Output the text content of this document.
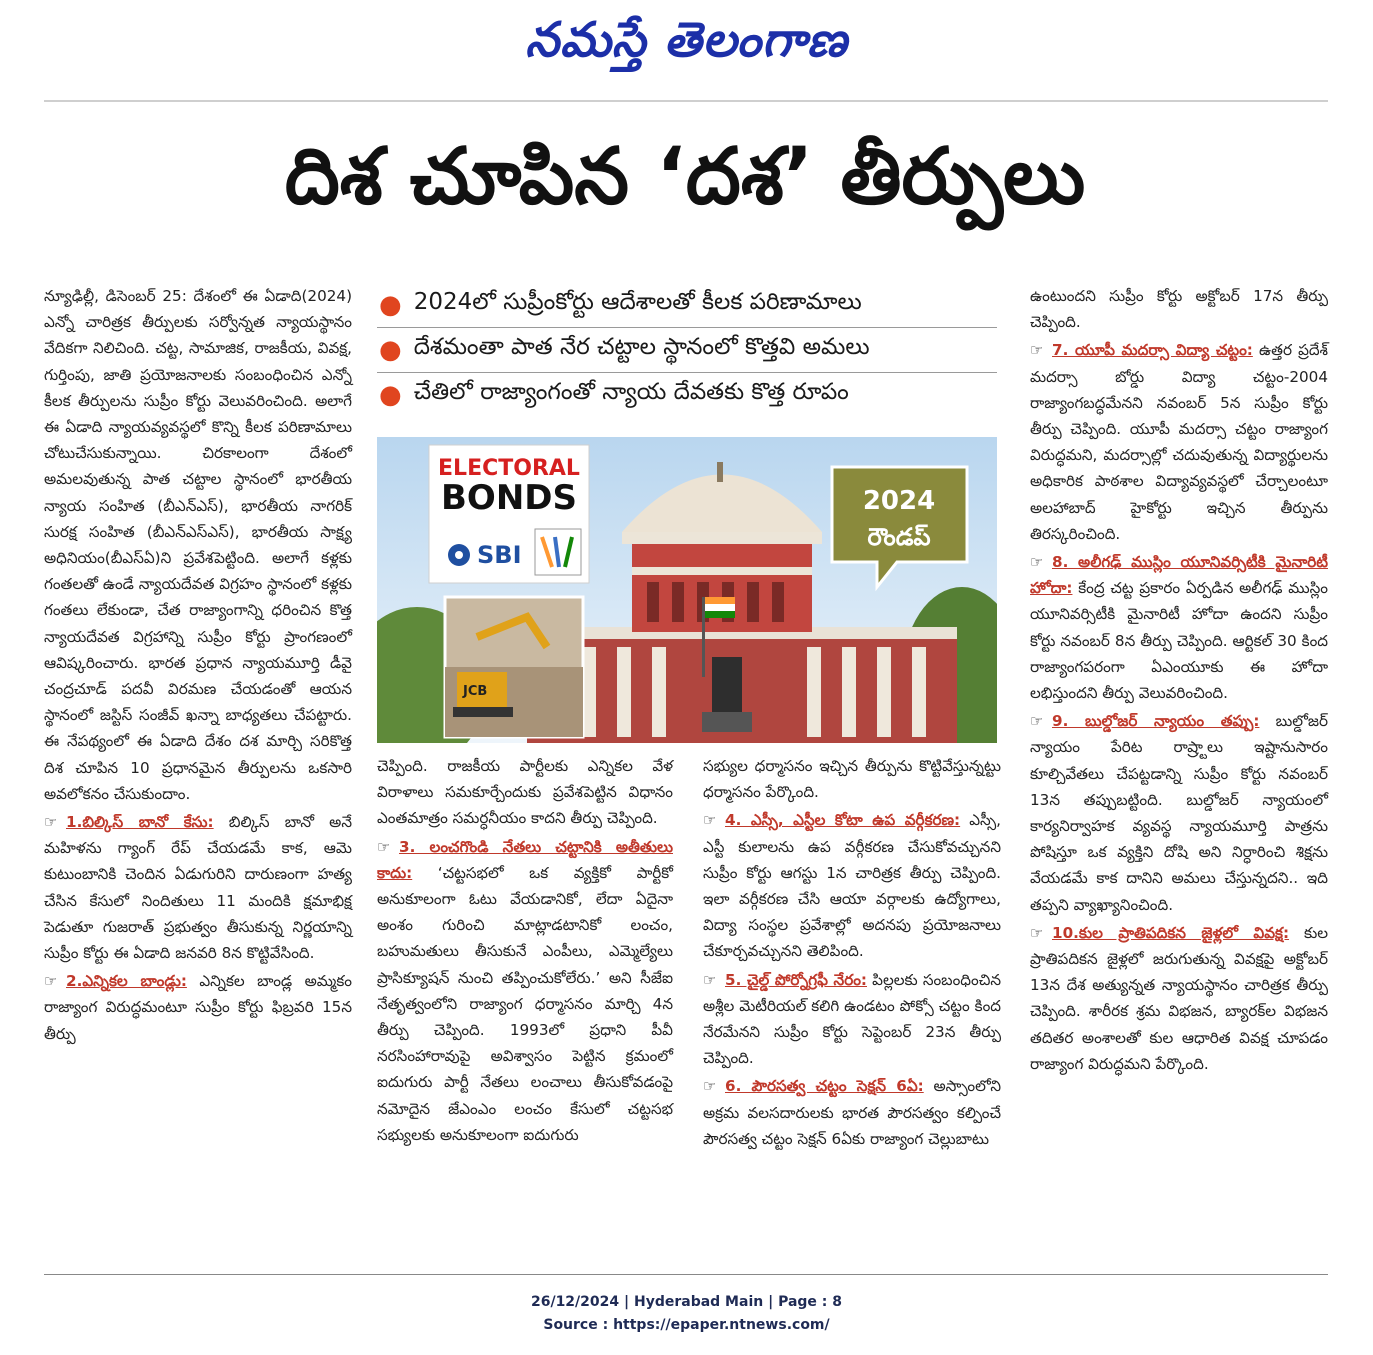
నమస్తే తెలంగాణ
దిశ చూపిన ‘దశ’ తీర్పులు

న్యూఢిల్లీ, డిసెంబర్ 25: దేశంలో ఈ ఏడాది(2024) ఎన్నో చారిత్రక తీర్పులకు సర్వోన్నత న్యాయస్థానం వేదికగా నిలిచింది. చట్ట, సామాజిక, రాజకీయ, వివక్ష, గుర్తింపు, జాతి ప్రయోజనాలకు సంబంధించిన ఎన్నో కీలక తీర్పులను సుప్రీం కోర్టు వెలువరించింది. అలాగే ఈ ఏడాది న్యాయవ్యవస్థలో కొన్ని కీలక పరిణామాలు చోటుచేసుకున్నాయి. చిరకాలంగా దేశంలో అమలవుతున్న పాత చట్టాల స్థానంలో భారతీయ న్యాయ సంహిత (బీఎన్ఎస్), భారతీయ నాగరిక్ సురక్ష సంహిత (బీఎన్ఎస్ఎస్), భారతీయ సాక్ష్య అధినియం(బీఎస్ఏ)ని ప్రవేశపెట్టింది. అలాగే కళ్లకు గంతలతో ఉండే న్యాయదేవత విగ్రహం స్థానంలో కళ్లకు గంతలు లేకుండా, చేత రాజ్యాంగాన్ని ధరించిన కొత్త న్యాయదేవత విగ్రహాన్ని సుప్రీం కోర్టు ప్రాంగణంలో ఆవిష్కరించారు. భారత ప్రధాన న్యాయమూర్తి డీవై చంద్రచూడ్ పదవీ విరమణ చేయడంతో ఆయన స్థానంలో జస్టిస్ సంజీవ్ ఖన్నా బాధ్యతలు చేపట్టారు. ఈ నేపథ్యంలో ఈ ఏడాది దేశం దశ మార్చి సరికొత్త దిశ చూపిన 10 ప్రధానమైన తీర్పులను ఒకసారి అవలోకనం చేసుకుందాం.

☞ 1.బిల్కిస్ బానో కేసు: బిల్కిస్ బానో అనే మహిళను గ్యాంగ్ రేప్ చేయడమే కాక, ఆమె కుటుంబానికి చెందిన ఏడుగురిని దారుణంగా హత్య చేసిన కేసులో నిందితులు 11 మందికి క్షమాభిక్ష పెడుతూ గుజరాత్ ప్రభుత్వం తీసుకున్న నిర్ణయాన్ని సుప్రీం కోర్టు ఈ ఏడాది జనవరి 8న కొట్టివేసింది.

☞ 2.ఎన్నికల బాండ్లు: ఎన్నికల బాండ్ల అమ్మకం రాజ్యాంగ విరుద్ధమంటూ సుప్రీం కోర్టు ఫిబ్రవరి 15న తీర్పు

● 2024లో సుప్రీంకోర్టు ఆదేశాలతో కీలక పరిణామాలు
● దేశమంతా పాత నేర చట్టాల స్థానంలో కొత్తవి అమలు
● చేతిలో రాజ్యాంగంతో న్యాయ దేవతకు కొత్త రూపం
ELECTORAL
BONDS
SBI
JCB
2024
రౌండప్

చెప్పింది. రాజకీయ పార్టీలకు ఎన్నికల వేళ విరాళాలు సమకూర్చేందుకు ప్రవేశపెట్టిన విధానం ఎంతమాత్రం సమర్ధనీయం కాదని తీర్పు చెప్పింది.

☞ 3. లంచగొండి నేతలు చట్టానికి అతీతులు కాదు: ‘చట్టసభలో ఒక వ్యక్తికో పార్టీకో అనుకూలంగా ఓటు వేయడానికో, లేదా ఏదైనా అంశం గురించి మాట్లాడటానికో లంచం, బహుమతులు తీసుకునే ఎంపీలు, ఎమ్మెల్యేలు ప్రాసిక్యూషన్ నుంచి తప్పించుకోలేరు.’ అని సీజేఐ నేతృత్వంలోని రాజ్యాంగ ధర్మాసనం మార్చి 4న తీర్పు చెప్పింది. 1993లో ప్రధాని పీవీ నరసింహారావుపై అవిశ్వాసం పెట్టిన క్రమంలో ఐదుగురు పార్టీ నేతలు లంచాలు తీసుకోవడంపై నమోదైన జేఎంఎం లంచం కేసులో చట్టసభ సభ్యులకు అనుకూలంగా ఐదుగురు

సభ్యుల ధర్మాసనం ఇచ్చిన తీర్పును కొట్టివేస్తున్నట్టు ధర్మాసనం పేర్కొంది.

☞ 4. ఎస్సీ, ఎస్టీల కోటా ఉప వర్గీకరణ: ఎస్సీ, ఎస్టీ కులాలను ఉప వర్గీకరణ చేసుకోవచ్చునని సుప్రీం కోర్టు ఆగస్టు 1న చారిత్రక తీర్పు చెప్పింది. ఇలా వర్గీకరణ చేసి ఆయా వర్గాలకు ఉద్యోగాలు, విద్యా సంస్థల ప్రవేశాల్లో అదనపు ప్రయోజనాలు చేకూర్చవచ్చునని తెలిపింది.

☞ 5. చైల్డ్ పోర్నోగ్రఫీ నేరం: పిల్లలకు సంబంధించిన అశ్లీల మెటీరియల్ కలిగి ఉండటం పోక్సో చట్టం కింద నేరమేనని సుప్రీం కోర్టు సెప్టెంబర్ 23న తీర్పు చెప్పింది.

☞ 6. పౌరసత్వ చట్టం సెక్షన్ 6ఏ: అస్సాంలోని అక్రమ వలసదారులకు భారత పౌరసత్వం కల్పించే పౌరసత్వ చట్టం సెక్షన్ 6ఏకు రాజ్యాంగ చెల్లుబాటు

ఉంటుందని సుప్రీం కోర్టు అక్టోబర్ 17న తీర్పు చెప్పింది.

☞ 7. యూపీ మదర్సా విద్యా చట్టం: ఉత్తర ప్రదేశ్ మదర్సా బోర్డు విద్యా చట్టం-2004 రాజ్యాంగబద్ధమేనని నవంబర్ 5న సుప్రీం కోర్టు తీర్పు చెప్పింది. యూపీ మదర్సా చట్టం రాజ్యాంగ విరుద్ధమని, మదర్సాల్లో చదువుతున్న విద్యార్థులను అధికారిక పాఠశాల విద్యావ్యవస్థలో చేర్చాలంటూ అలహాబాద్ హైకోర్టు ఇచ్చిన తీర్పును తిరస్కరించింది.

☞ 8. అలీగఢ్ ముస్లిం యూనివర్సిటీకి మైనారిటీ హోదా: కేంద్ర చట్ట ప్రకారం ఏర్పడిన అలీగఢ్ ముస్లిం యూనివర్సిటీకి మైనారిటీ హోదా ఉందని సుప్రీం కోర్టు నవంబర్ 8న తీర్పు చెప్పింది. ఆర్టికల్ 30 కింద రాజ్యాంగపరంగా ఏఎంయూకు ఈ హోదా లభిస్తుందని తీర్పు వెలువరించింది.

☞ 9. బుల్డోజర్ న్యాయం తప్పు: బుల్డోజర్ న్యాయం పేరిట రాష్ర్టాలు ఇష్టానుసారం కూల్చివేతలు చేపట్టడాన్ని సుప్రీం కోర్టు నవంబర్ 13న తప్పుబట్టింది. బుల్డోజర్ న్యాయంలో కార్యనిర్వాహక వ్యవస్థ న్యాయమూర్తి పాత్రను పోషిస్తూ ఒక వ్యక్తిని దోషి అని నిర్ధారించి శిక్షను వేయడమే కాక దానిని అమలు చేస్తున్నదని.. ఇది తప్పని వ్యాఖ్యానించింది.

☞ 10.కుల ప్రాతిపదికన జైళ్లలో వివక్ష: కుల ప్రాతిపదికన జైళ్లలో జరుగుతున్న వివక్షపై అక్టోబర్ 13న దేశ అత్యున్నత న్యాయస్థానం చారిత్రక తీర్పు చెప్పింది. శారీరక శ్రమ విభజన, బ్యారక్‌ల విభజన తదితర అంశాలతో కుల ఆధారిత వివక్ష చూపడం రాజ్యాంగ విరుద్ధమని పేర్కొంది.

26/12/2024 | Hyderabad Main | Page : 8
Source : https://epaper.ntnews.com/
